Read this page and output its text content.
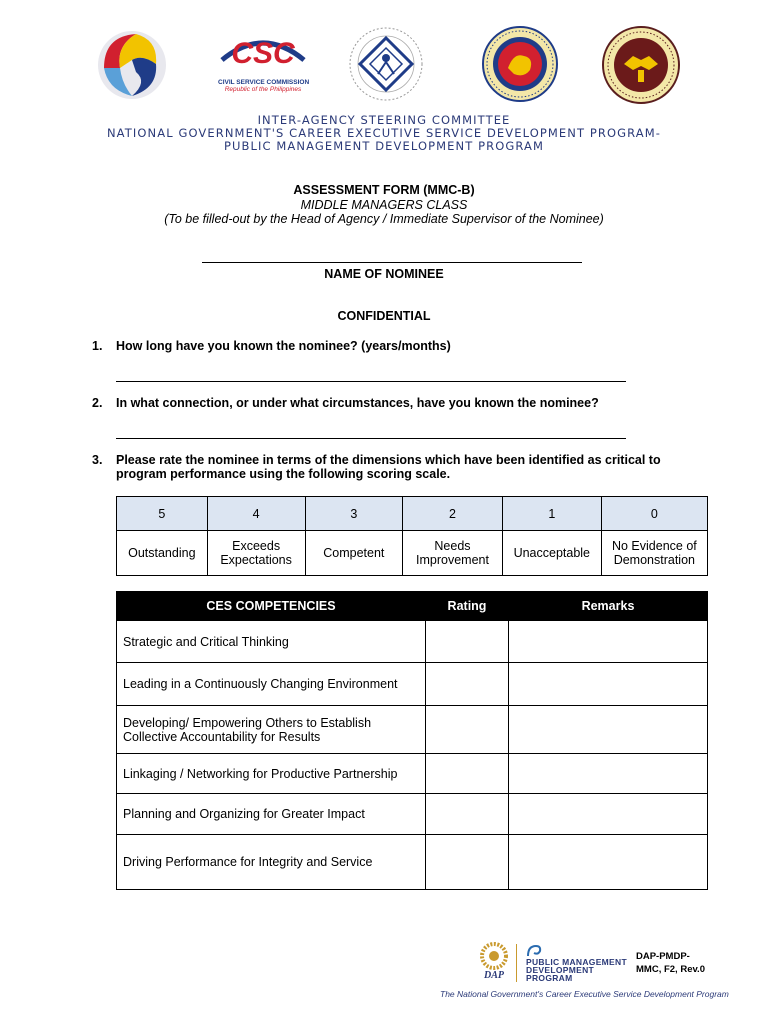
CSC
CIVIL SERVICE COMMISSION
Republic of the Philippines
INTER-AGENCY STEERING COMMITTEE
NATIONAL GOVERNMENT'S CAREER EXECUTIVE SERVICE DEVELOPMENT PROGRAM-
PUBLIC MANAGEMENT DEVELOPMENT PROGRAM
ASSESSMENT FORM (MMC-B)
MIDDLE MANAGERS CLASS
(To be filled-out by the Head of Agency / Immediate Supervisor of the Nominee)
NAME OF NOMINEE
CONFIDENTIAL
1. How long have you known the nominee? (years/months)
2. In what connection, or under what circumstances, have you known the nominee?
3. Please rate the nominee in terms of the dimensions which have been identified as critical to program performance using the following scoring scale.
5	4	3	2	1	0
Outstanding	Exceeds Expectations	Competent	Needs Improvement	Unacceptable	No Evidence of Demonstration
CES COMPETENCIES	Rating	Remarks
Strategic and Critical Thinking		
Leading in a Continuously Changing Environment		
Developing/ Empowering Others to Establish Collective Accountability for Results		
Linkaging / Networking for Productive Partnership		
Planning and Organizing for Greater Impact		
Driving Performance for Integrity and Service		
DAP
PUBLIC MANAGEMENT
DEVELOPMENT
PROGRAM
DAP-PMDP-
MMC, F2, Rev.0
The National Government's Career Executive Service Development Program
